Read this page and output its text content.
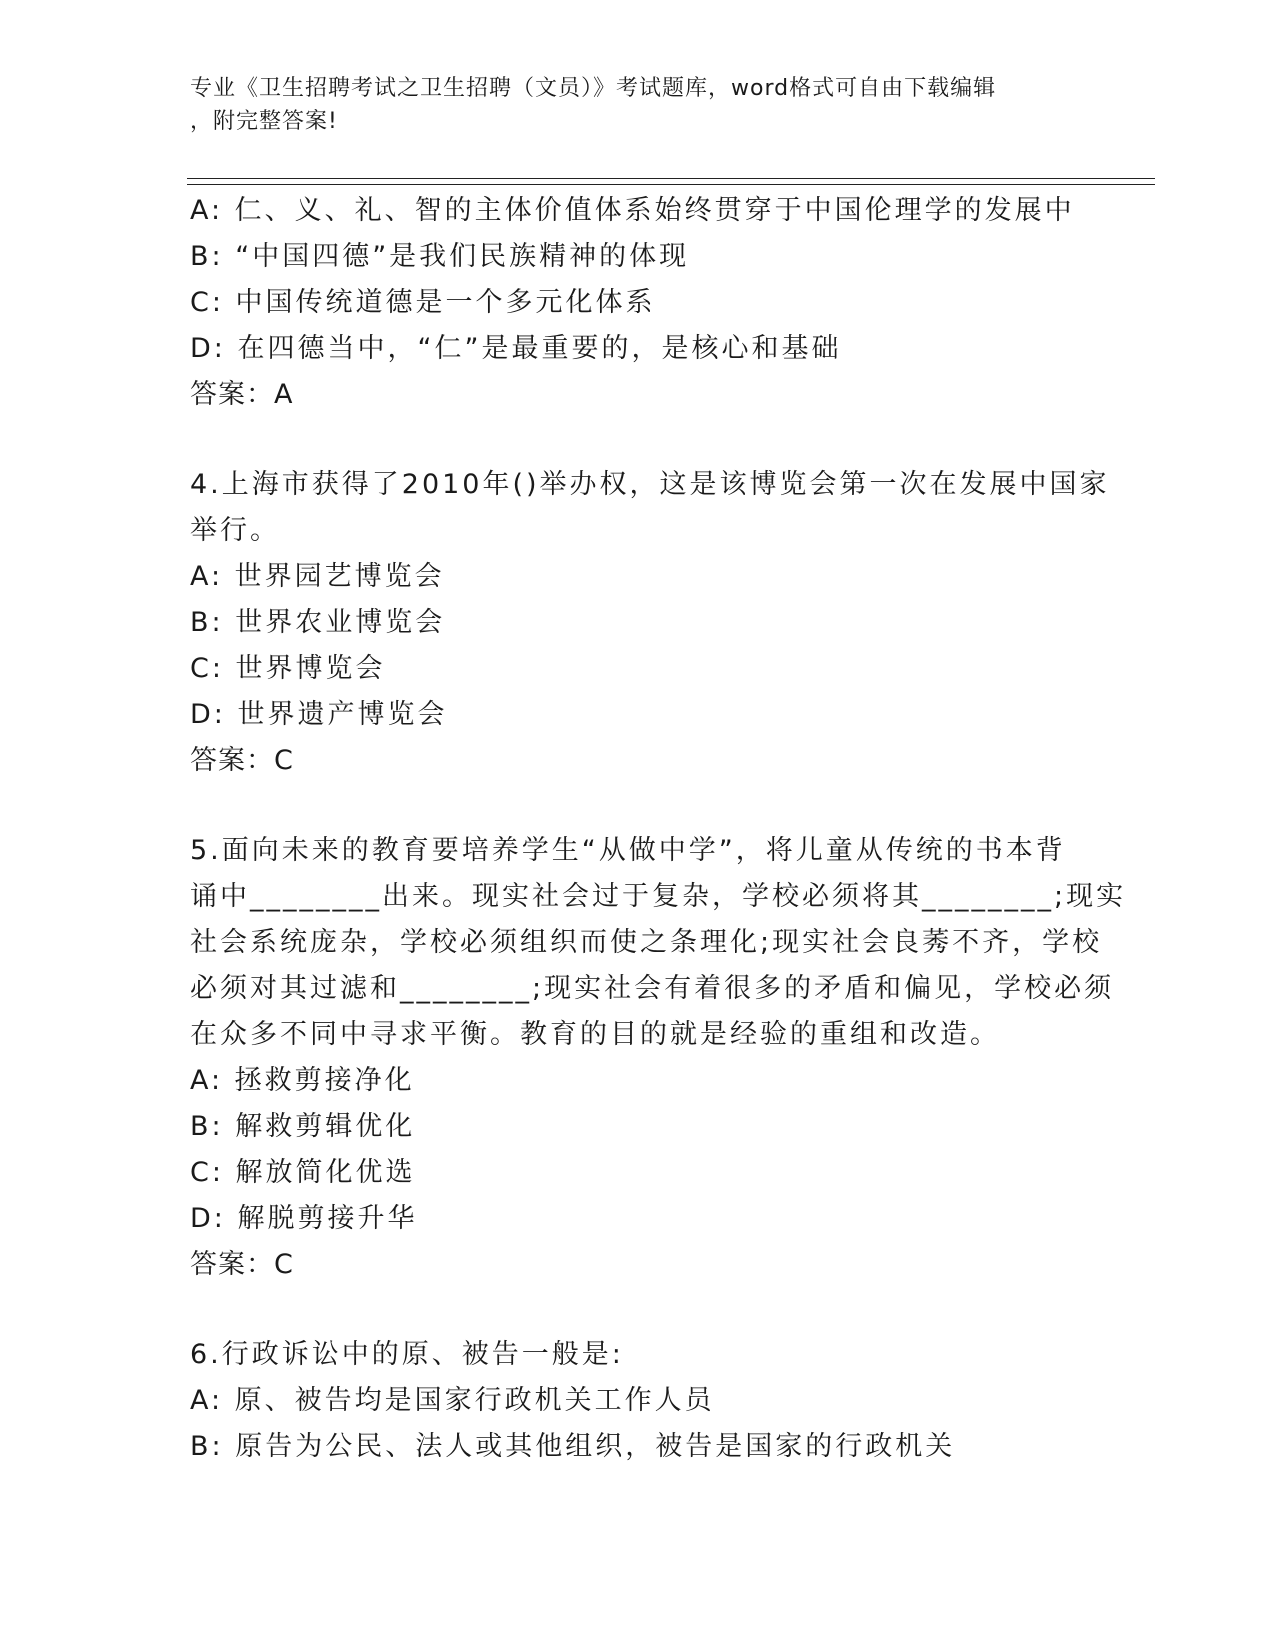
专业《卫生招聘考试之卫生招聘（文员）》考试题库，word格式可自由下载编辑
，附完整答案!
A: 仁、义、礼、智的主体价值体系始终贯穿于中国伦理学的发展中
B: “中国四德”是我们民族精神的体现
C: 中国传统道德是一个多元化体系
D: 在四德当中，“仁”是最重要的，是核心和基础
答案：A
4.上海市获得了2010年()举办权，这是该博览会第一次在发展中国家
举行。
A: 世界园艺博览会
B: 世界农业博览会
C: 世界博览会
D: 世界遗产博览会
答案：C
5.面向未来的教育要培养学生“从做中学”，将儿童从传统的书本背
诵中________出来。现实社会过于复杂，学校必须将其________;现实
社会系统庞杂，学校必须组织而使之条理化;现实社会良莠不齐，学校
必须对其过滤和________;现实社会有着很多的矛盾和偏见，学校必须
在众多不同中寻求平衡。教育的目的就是经验的重组和改造。
A: 拯救剪接净化
B: 解救剪辑优化
C: 解放简化优选
D: 解脱剪接升华
答案：C
6.行政诉讼中的原、被告一般是:
A: 原、被告均是国家行政机关工作人员
B: 原告为公民、法人或其他组织，被告是国家的行政机关
